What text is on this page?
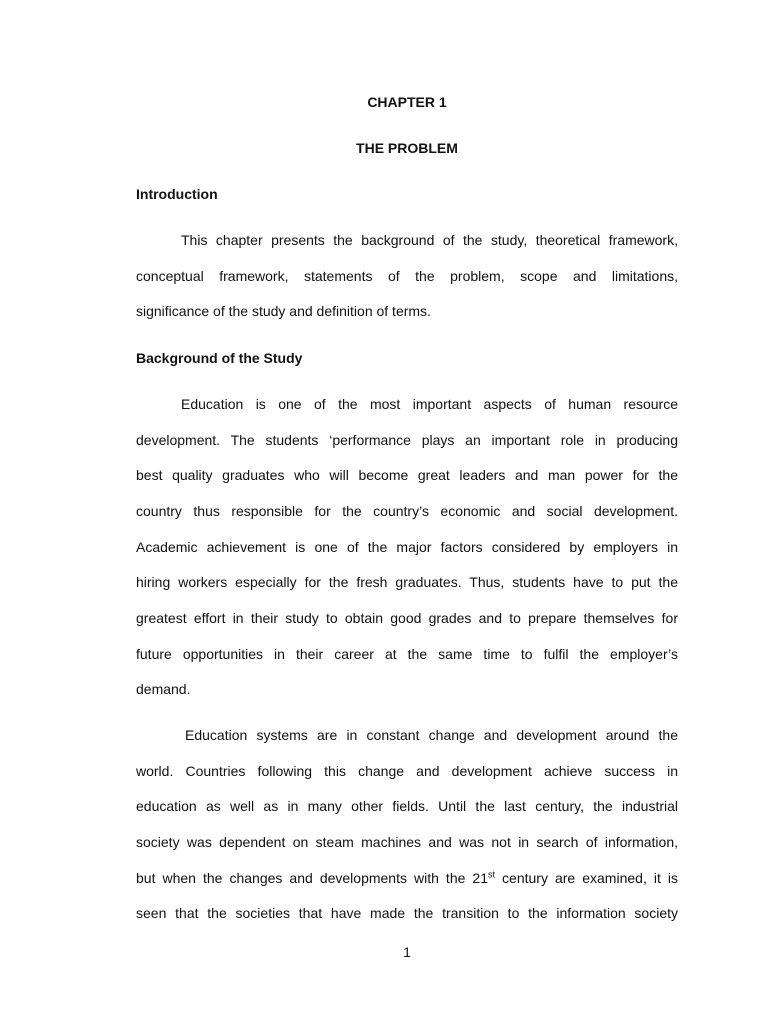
CHAPTER 1
THE PROBLEM
Introduction
This chapter presents the background of the study, theoretical framework,
conceptual framework, statements of the problem, scope and limitations,
significance of the study and definition of terms.
Background of the Study
Education is one of the most important aspects of human resource
development. The students ‘performance plays an important role in producing
best quality graduates who will become great leaders and man power for the
country thus responsible for the country’s economic and social development.
Academic achievement is one of the major factors considered by employers in
hiring workers especially for the fresh graduates. Thus, students have to put the
greatest effort in their study to obtain good grades and to prepare themselves for
future opportunities in their career at the same time to fulfil the employer’s
demand.
Education systems are in constant change and development around the
world. Countries following this change and development achieve success in
education as well as in many other fields. Until the last century, the industrial
society was dependent on steam machines and was not in search of information,
but when the changes and developments with the 21st century are examined, it is
seen that the societies that have made the transition to the information society
1
